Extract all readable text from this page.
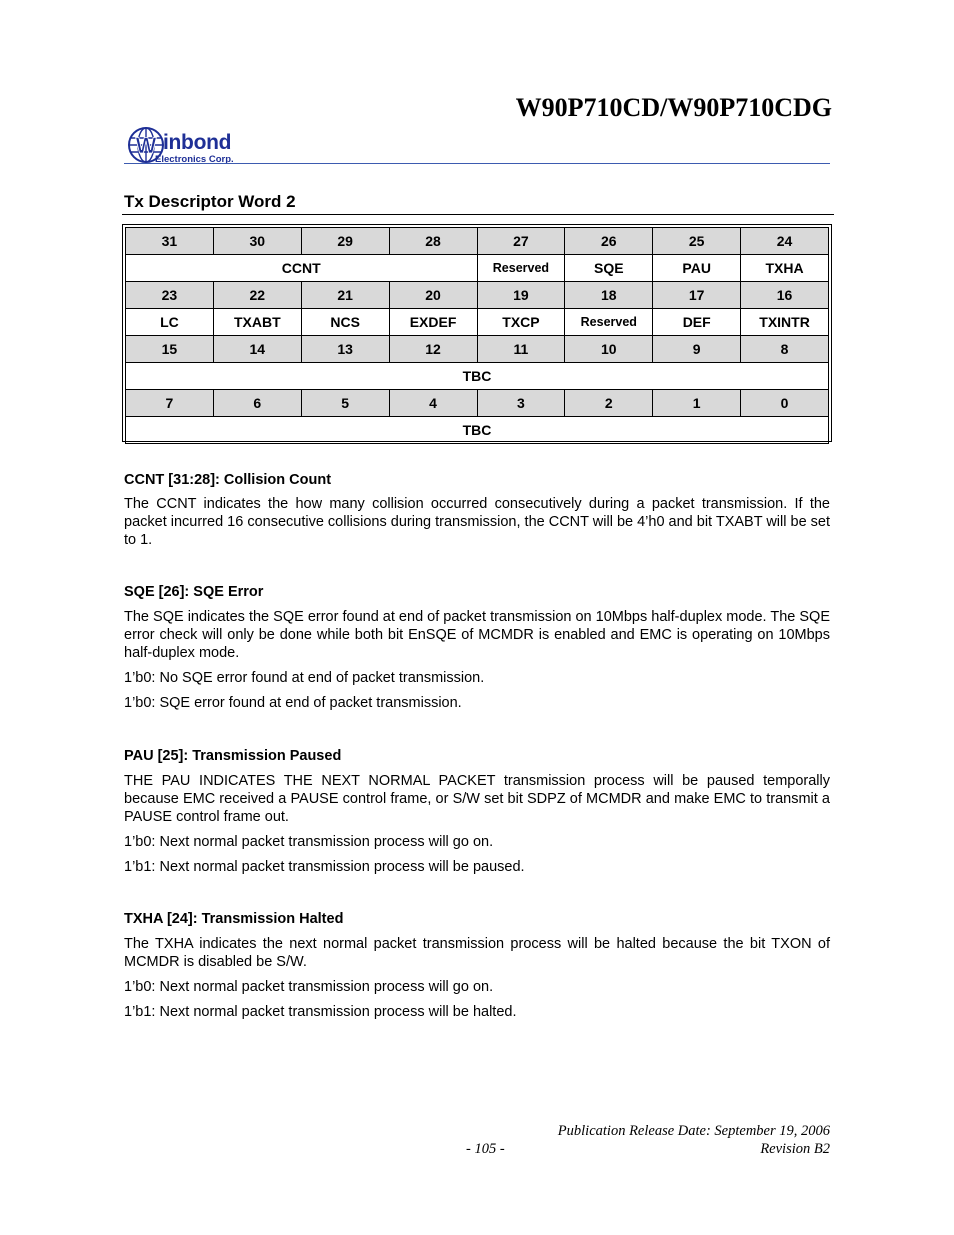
W90P710CD/W90P710CDG
W inbond
Electronics Corp.
Tx Descriptor Word 2
31	30	29	28	27	26	25	24
CCNT				Reserved	SQE	PAU	TXHA
23	22	21	20	19	18	17	16
LC	TXABT	NCS	EXDEF	TXCP	Reserved	DEF	TXINTR
15	14	13	12	11	10	9	8
TBC							
7	6	5	4	3	2	1	0
TBC							
CCNT [31:28]: Collision Count

The CCNT indicates the how many collision occurred consecutively during a packet transmission. If the packet incurred 16 consecutive collisions during transmission, the CCNT will be 4’h0 and bit TXABT will be set to 1.

SQE [26]: SQE Error

The SQE indicates the SQE error found at end of packet transmission on 10Mbps half-duplex mode. The SQE error check will only be done while both bit EnSQE of MCMDR is enabled and EMC is operating on 10Mbps half-duplex mode.

1’b0: No SQE error found at end of packet transmission.

1’b0: SQE error found at end of packet transmission.

PAU [25]: Transmission Paused

THE PAU INDICATES THE NEXT NORMAL PACKET transmission process will be paused temporally because EMC received a PAUSE control frame, or S/W set bit SDPZ of MCMDR and make EMC to transmit a PAUSE control frame out.

1’b0: Next normal packet transmission process will go on.

1’b1: Next normal packet transmission process will be paused.

TXHA [24]: Transmission Halted

The TXHA indicates the next normal packet transmission process will be halted because the bit TXON of MCMDR is disabled be S/W.

1’b0: Next normal packet transmission process will go on.

1’b1: Next normal packet transmission process will be halted.

Publication Release Date: September 19, 2006
- 105 -	Revision B2
